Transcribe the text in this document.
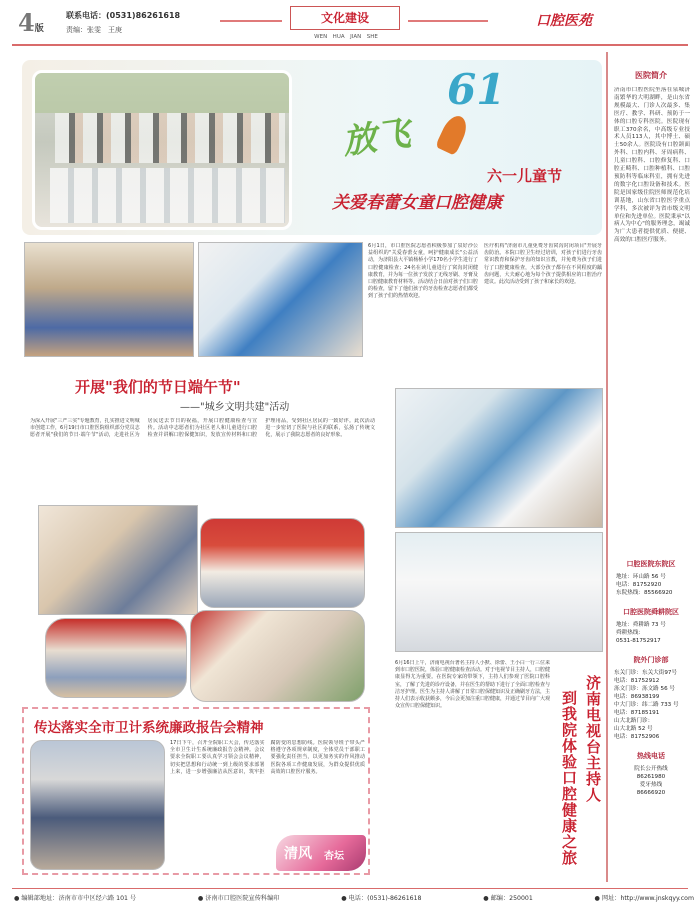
4版
联系电话：(0531)86261618
责编：张雯　王庚
文化建设
WEN　HUA　JIAN　SHE
口腔医苑
61
放飞
六一儿童节
关爱春蕾女童口腔健康
6月1日，市口腔医院志愿者积极参加了泉好沙公益组织的"关爱春蕾女童，呵护健康成长"公益活动，为济阳县大平镇杨桥小学170名小学生进行了口腔健康检查；24名在读儿童进行了窝沟封闭健康教育，并为每一位孩子发放了无线牙刷、牙膏及口腔健康教育材料等。活动结合日前对孩子们口腔的检查，留下了他们孩子的牙齿检查志愿者们都受到了孩子们的热情欢迎。
医疗机构"济南市儿童免费牙齿窝沟封闭项目"开展牙齿防治。本院口腔卫生经过培训，对孩子们进行牙齿常识教育和保护牙齿的知识宣教，并免费为孩子们进行了口腔健康检查，大部分孩子都存在不同程度的龋齿问题，大夫耐心地为每个孩子提供相应的口腔治疗建议。此次活动受到了孩子和家长的欢迎。
开展"我们的节日端午节"
——"城乡文明共建"活动
为深入开展"三严三实"专题教育，扎实推进文明城市创建工作，6月19日市口腔医院组织部分党员志愿者开展"我们的节日·端午节"活动，走进社区为居民送去节日的祝福，开展口腔健康检查与宣传。活动中志愿者们为社区老人和儿童进行口腔检查并讲解口腔保健知识，发放宣传材料和口腔护理用品，受到社区居民的一致好评。此次活动进一步密切了医院与社区的联系，弘扬了传统文化，展示了我院志愿者的良好形象。
传达落实全市卫计系统廉政报告会精神
17日下午，召开全院职工大会，传达落实全市卫生计生系统廉政报告会精神。会议要求全院职工要认真学习领会会议精神，切实把思想和行动统一到上级的要求部署上来，进一步增强廉洁从医意识，筑牢拒腐防变的思想防线。医院领导班子带头严格遵守各项规章制度，全体党员干部职工要强化责任担当，以更加务实的作风推动医院各项工作健康发展，为群众提供优质高效的口腔医疗服务。
清风 杏坛
6月16日上午，济南电视台著名主持人小默、徐蕾、王小白一行三位来到市口腔医院，体验口腔健康检查活动。对于电视节目主持人，口腔健康显得尤为重要。在医院专家的带领下，主持人们参观了医院口腔科室，了解了先进的诊疗设备，并在医生的帮助下进行了全面口腔检查与洁牙护理。医生为主持人讲解了日常口腔保健知识及正确刷牙方法，主持人们表示收获颇多，今后会更加注重口腔健康，并通过节目向广大观众宣传口腔保健知识。	济南电视台主持人
到我院体验口腔健康之旅
医院简介
济南市口腔医院坐落在泉城济南繁华的大明湖畔，是山东省规模最大、门诊人次最多、集医疗、教学、科研、预防于一体的口腔专科医院。医院现有职工370余名，中高级专业技术人员113人，其中博士、硕士50余人。医院设有口腔颌面外科、口腔内科、牙周病科、儿童口腔科、口腔修复科、口腔正畸科、口腔种植科、口腔预防科等临床科室，拥有先进的数字化口腔设备和技术。医院是国家级住院医师规范化培训基地，山东省口腔医学重点学科，多次被评为省市级文明单位和先进单位。医院秉承"以病人为中心"的服务理念，竭诚为广大患者提供优质、便捷、高效的口腔医疗服务。
口腔医院东院区
地址：环山路 56 号
电话：81752920
东院热线：85566920
口腔医院舜耕院区
地址：舜耕路 73 号
舜耕热线：
0531-81752917
院外门诊部
东关门诊：东关大街97号
电话：81752912
泺文门诊：泺文路 56 号
电话：86938199
中大门诊：纬二路 733 号
电话：87185191
山大北路门诊：
山大北路 52 号
电话：81752906
热线电话
院长公开热线
86261980
爱牙热线
86666920
● 编辑部地址：济南市市中区经六路 101 号	● 济南市口腔医院宣传科编印	● 电话：(0531)-86261618	● 邮编：250001	● 网址：http://www.jnskqyy.com
